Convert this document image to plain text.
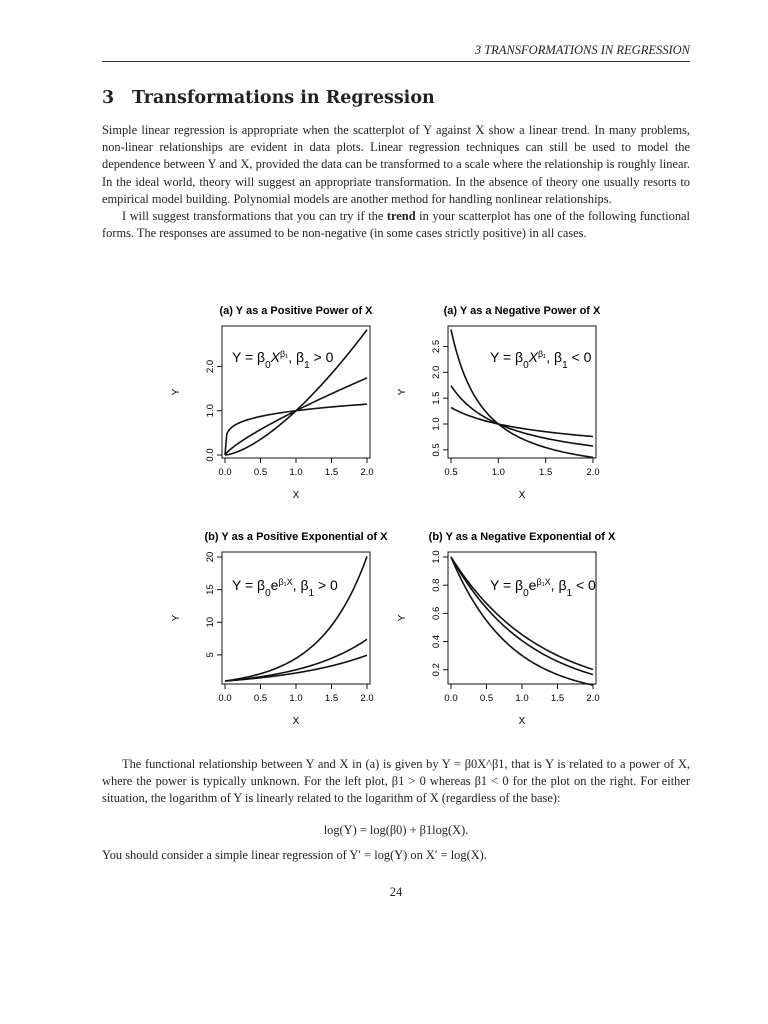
3 TRANSFORMATIONS IN REGRESSION
3 Transformations in Regression

Simple linear regression is appropriate when the scatterplot of Y against X show a linear trend. In many problems, non-linear relationships are evident in data plots. Linear regression techniques can still be used to model the dependence between Y and X, provided the data can be transformed to a scale where the relationship is roughly linear. In the ideal world, theory will suggest an appropriate transformation. In the absence of theory one usually resorts to empirical model building. Polynomial models are another method for handling nonlinear relationships.

I will suggest transformations that you can try if the trend in your scatterplot has one of the following functional forms. The responses are assumed to be non-negative (in some cases strictly positive) in all cases.

(a) Y as a Positive Power of X
0.0 0.5 1.0 1.5 2.0
0.0
1.0
2.0
X
Y
$Y = \beta_0X^{\beta_1}$, $\beta_1 > 0$
(a) Y as a Negative Power of X
0.5	1.0	1.5	2.0
0.5
1.0
1.5
2.0
2.5
X
Y
$Y = \beta_0X^{\beta_1}$, $\beta_1 < 0$
(b) Y as a Positive Exponential of X
0.0 0.5 1.0 1.5 2.0
5
10
15
20
X
Y
$Y = \beta_0e^{\beta_1X}$, $\beta_1 > 0$
(b) Y as a Negative Exponential of X
0.0 0.5 1.0 1.5 2.0
0.2
0.4
0.6
0.8
1.0
X
Y
$Y = \beta_0e^{\beta_1X}$, $\beta_1 < 0$

The functional relationship between Y and X in (a) is given by Y = β0X^β1, that is Y is related to a power of X, where the power is typically unknown. For the left plot, β1 > 0 whereas β1 < 0 for the plot on the right. For either situation, the logarithm of Y is linearly related to the logarithm of X (regardless of the base):

log(Y) = log(β0) + β1log(X).

You should consider a simple linear regression of Y′ = log(Y) on X′ = log(X).

24
